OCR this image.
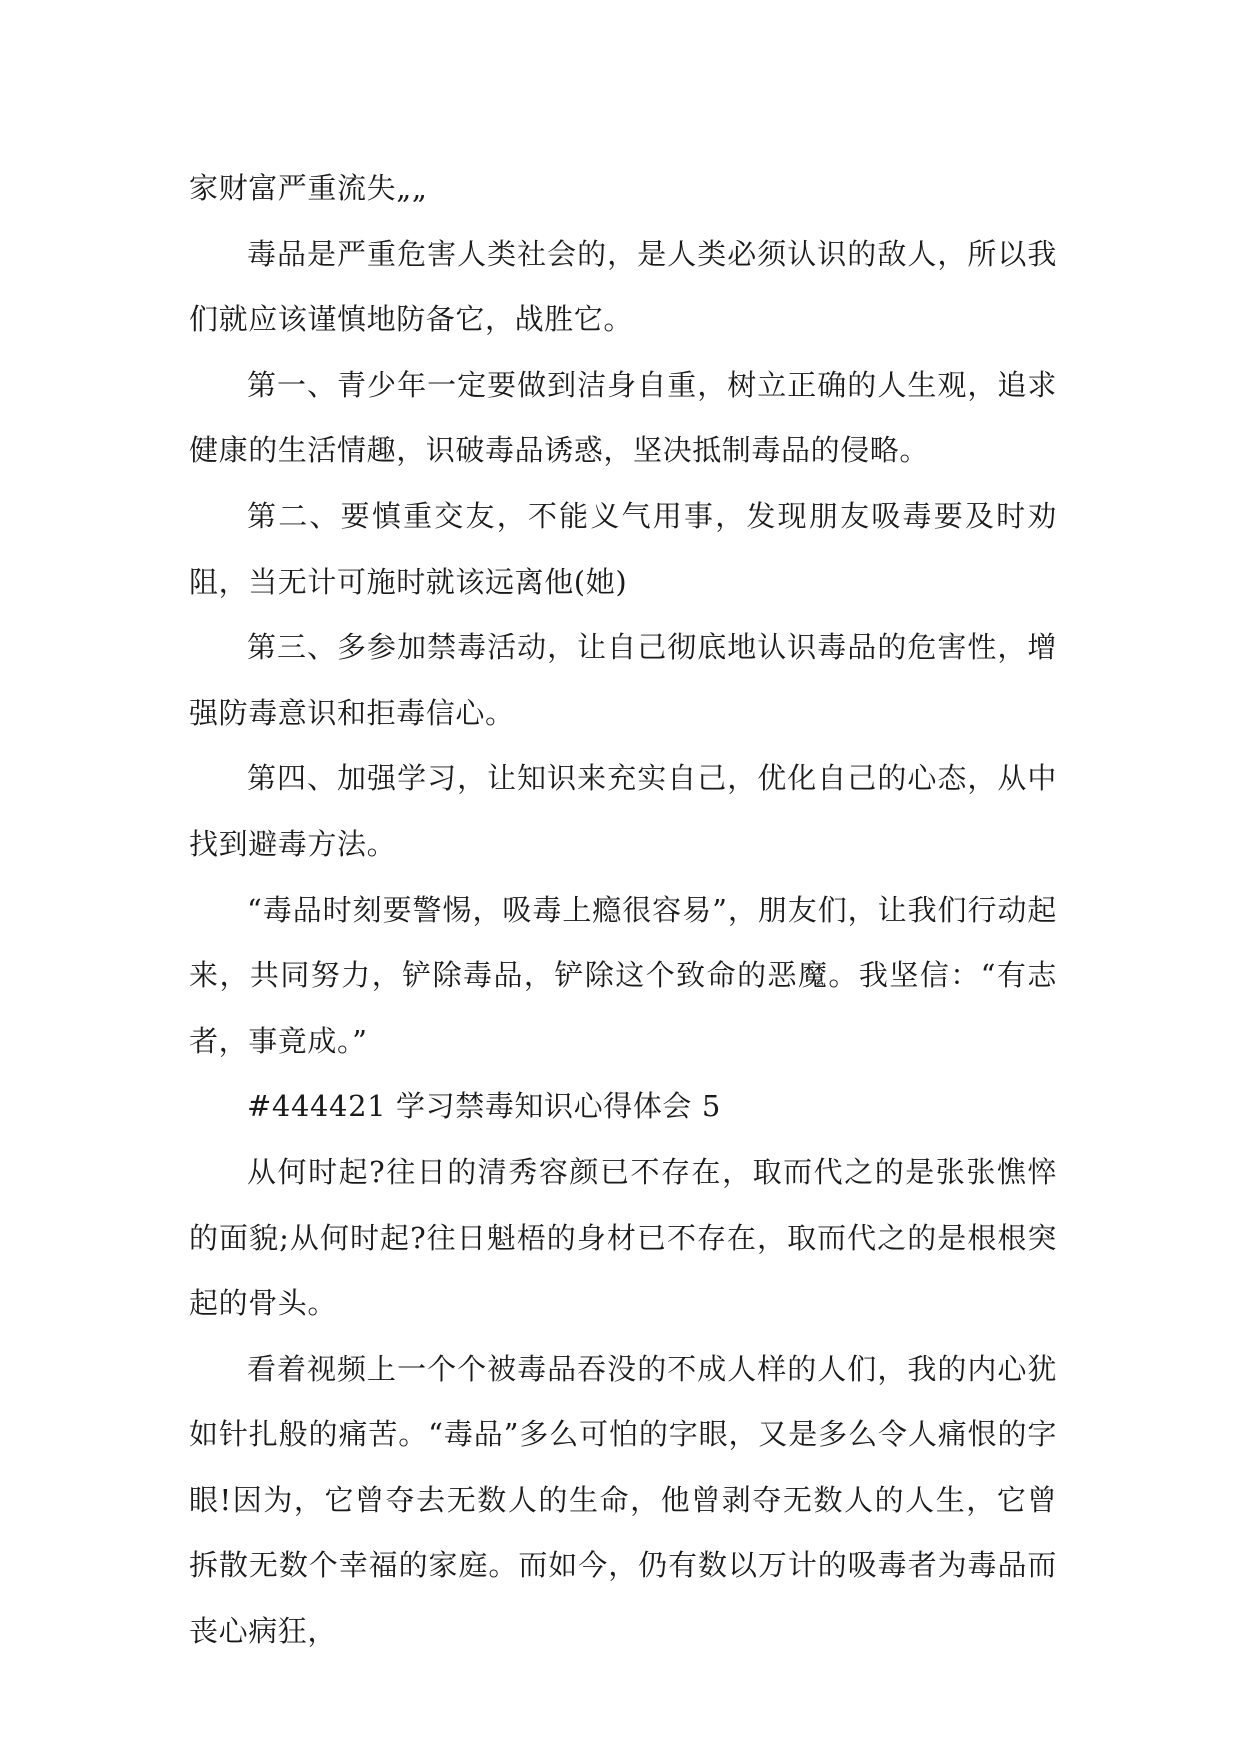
家财富严重流失„„

毒品是严重危害人类社会的，是人类必须认识的敌人，所以我们就应该谨慎地防备它，战胜它。

第一、青少年一定要做到洁身自重，树立正确的人生观，追求健康的生活情趣，识破毒品诱惑，坚决抵制毒品的侵略。

第二、要慎重交友，不能义气用事，发现朋友吸毒要及时劝阻，当无计可施时就该远离他(她)

第三、多参加禁毒活动，让自己彻底地认识毒品的危害性，增强防毒意识和拒毒信心。

第四、加强学习，让知识来充实自己，优化自己的心态，从中找到避毒方法。

“毒品时刻要警惕，吸毒上瘾很容易”，朋友们，让我们行动起来，共同努力，铲除毒品，铲除这个致命的恶魔。我坚信：“有志者，事竟成。”

#444421 学习禁毒知识心得体会 5

从何时起?往日的清秀容颜已不存在，取而代之的是张张憔悴的面貌;从何时起?往日魁梧的身材已不存在，取而代之的是根根突起的骨头。

看着视频上一个个被毒品吞没的不成人样的人们，我的内心犹如针扎般的痛苦。“毒品”多么可怕的字眼，又是多么令人痛恨的字眼!因为，它曾夺去无数人的生命，他曾剥夺无数人的人生，它曾拆散无数个幸福的家庭。而如今，仍有数以万计的吸毒者为毒品而丧心病狂，
